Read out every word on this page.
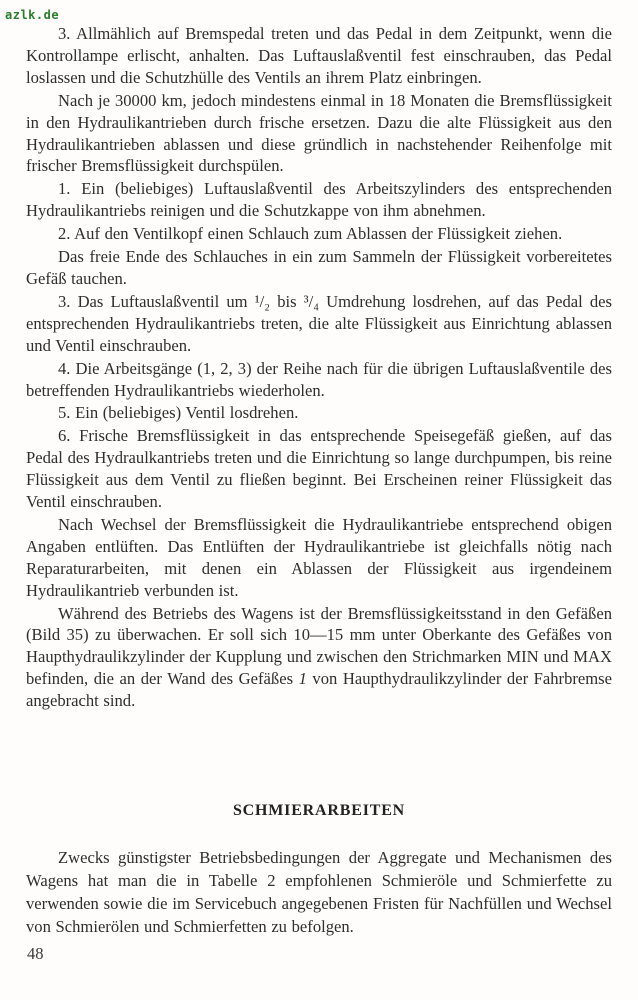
azlk.de

3. Allmählich auf Bremspedal treten und das Pedal in dem Zeitpunkt, wenn die Kontrollampe erlischt, anhalten. Das Luftauslaßventil fest einschrauben, das Pedal loslassen und die Schutzhülle des Ventils an ihrem Platz einbringen.

Nach je 30000 km, jedoch mindestens einmal in 18 Monaten die Bremsflüssigkeit in den Hydraulikantrieben durch frische ersetzen. Dazu die alte Flüssigkeit aus den Hydraulikantrieben ablassen und diese gründlich in nachstehender Reihenfolge mit frischer Bremsflüssigkeit durchspülen.

1. Ein (beliebiges) Luftauslaßventil des Arbeitszylinders des entsprechenden Hydraulikantriebs reinigen und die Schutzkappe von ihm abnehmen.

2. Auf den Ventilkopf einen Schlauch zum Ablassen der Flüssigkeit ziehen.

Das freie Ende des Schlauches in ein zum Sammeln der Flüssigkeit vorbereitetes Gefäß tauchen.

3. Das Luftauslaßventil um ¹/₂ bis ³/₄ Umdrehung losdrehen, auf das Pedal des entsprechenden Hydraulikantriebs treten, die alte Flüssigkeit aus Einrichtung ablassen und Ventil einschrauben.

4. Die Arbeitsgänge (1, 2, 3) der Reihe nach für die übrigen Luftauslaßventile des betreffenden Hydraulikantriebs wiederholen.

5. Ein (beliebiges) Ventil losdrehen.

6. Frische Bremsflüssigkeit in das entsprechende Speisegefäß gießen, auf das Pedal des Hydraulkantriebs treten und die Einrichtung so lange durchpumpen, bis reine Flüssigkeit aus dem Ventil zu fließen beginnt. Bei Erscheinen reiner Flüssigkeit das Ventil einschrauben.

Nach Wechsel der Bremsflüssigkeit die Hydraulikantriebe entsprechend obigen Angaben entlüften. Das Entlüften der Hydraulikantriebe ist gleichfalls nötig nach Reparaturarbeiten, mit denen ein Ablassen der Flüssigkeit aus irgendeinem Hydraulikantrieb verbunden ist.

Während des Betriebs des Wagens ist der Bremsflüssigkeitsstand in den Gefäßen (Bild 35) zu überwachen. Er soll sich 10—15 mm unter Oberkante des Gefäßes von Haupthydraulikzylinder der Kupplung und zwischen den Strichmarken MIN und MAX befinden, die an der Wand des Gefäßes 1 von Haupthydraulikzylinder der Fahrbremse angebracht sind.

SCHMIERARBEITEN

Zwecks günstigster Betriebsbedingungen der Aggregate und Mechanismen des Wagens hat man die in Tabelle 2 empfohlenen Schmieröle und Schmierfette zu verwenden sowie die im Servicebuch angegebenen Fristen für Nachfüllen und Wechsel von Schmierölen und Schmierfetten zu befolgen.

48
